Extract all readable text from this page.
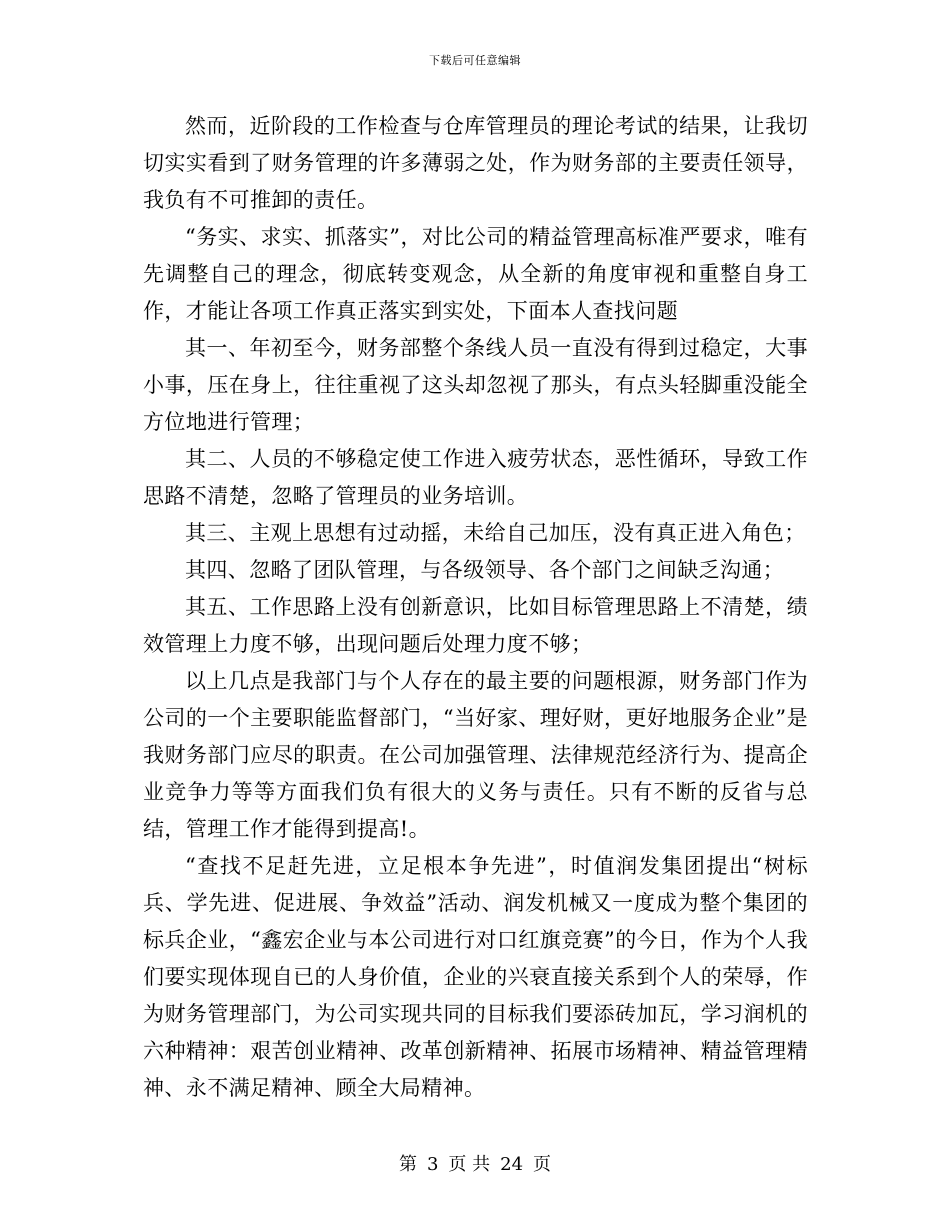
下载后可任意编辑

然而，近阶段的工作检查与仓库管理员的理论考试的结果，让我切切实实看到了财务管理的许多薄弱之处，作为财务部的主要责任领导，我负有不可推卸的责任。

“务实、求实、抓落实”，对比公司的精益管理高标准严要求，唯有先调整自己的理念，彻底转变观念，从全新的角度审视和重整自身工作，才能让各项工作真正落实到实处，下面本人查找问题

其一、年初至今，财务部整个条线人员一直没有得到过稳定，大事小事，压在身上，往往重视了这头却忽视了那头，有点头轻脚重没能全方位地进行管理；

其二、人员的不够稳定使工作进入疲劳状态，恶性循环，导致工作思路不清楚，忽略了管理员的业务培训。

其三、主观上思想有过动摇，未给自己加压，没有真正进入角色；

其四、忽略了团队管理，与各级领导、各个部门之间缺乏沟通；

其五、工作思路上没有创新意识，比如目标管理思路上不清楚，绩效管理上力度不够，出现问题后处理力度不够；

以上几点是我部门与个人存在的最主要的问题根源，财务部门作为公司的一个主要职能监督部门，“当好家、理好财，更好地服务企业”是我财务部门应尽的职责。在公司加强管理、法律规范经济行为、提高企业竞争力等等方面我们负有很大的义务与责任。只有不断的反省与总结，管理工作才能得到提高!。

“查找不足赶先进，立足根本争先进”，时值润发集团提出“树标兵、学先进、促进展、争效益”活动、润发机械又一度成为整个集团的标兵企业，“鑫宏企业与本公司进行对口红旗竞赛”的今日，作为个人我们要实现体现自已的人身价值，企业的兴衰直接关系到个人的荣辱，作为财务管理部门，为公司实现共同的目标我们要添砖加瓦，学习润机的六种精神：艰苦创业精神、改革创新精神、拓展市场精神、精益管理精神、永不满足精神、顾全大局精神。

第 3 页 共 24 页
